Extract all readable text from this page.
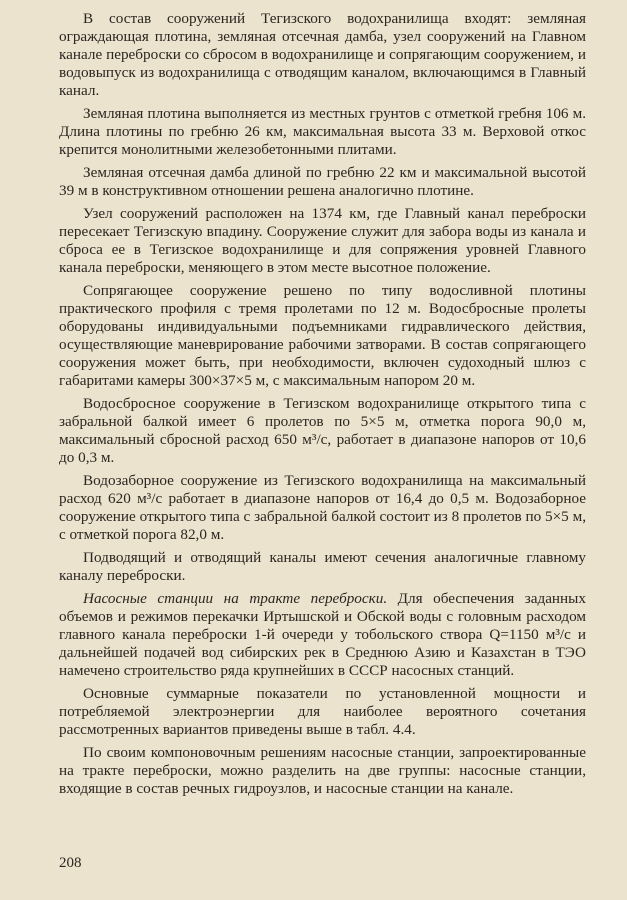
В состав сооружений Тегизского водохранилища входят: земляная ограждающая плотина, земляная отсечная дамба, узел сооружений на Главном канале переброски со сбросом в водохранилище и сопрягающим сооружением, и водовыпуск из водохранилища с отводящим каналом, включающимся в Главный канал.

Земляная плотина выполняется из местных грунтов с отметкой гребня 106 м. Длина плотины по гребню 26 км, максимальная высота 33 м. Верховой откос крепится монолитными железобетонными плитами.

Земляная отсечная дамба длиной по гребню 22 км и максимальной высотой 39 м в конструктивном отношении решена аналогично плотине.

Узел сооружений расположен на 1374 км, где Главный канал переброски пересекает Тегизскую впадину. Сооружение служит для забора воды из канала и сброса ее в Тегизское водохранилище и для сопряжения уровней Главного канала переброски, меняющего в этом месте высотное положение.

Сопрягающее сооружение решено по типу водосливной плотины практического профиля с тремя пролетами по 12 м. Водосбросные пролеты оборудованы индивидуальными подъемниками гидравлического действия, осуществляющие маневрирование рабочими затворами. В состав сопрягающего сооружения может быть, при необходимости, включен судоходный шлюз с габаритами камеры 300×37×5 м, с максимальным напором 20 м.

Водосбросное сооружение в Тегизском водохранилище открытого типа с забральной балкой имеет 6 пролетов по 5×5 м, отметка порога 90,0 м, максимальный сбросной расход 650 м³/с, работает в диапазоне напоров от 10,6 до 0,3 м.

Водозаборное сооружение из Тегизского водохранилища на максимальный расход 620 м³/с работает в диапазоне напоров от 16,4 до 0,5 м. Водозаборное сооружение открытого типа с забральной балкой состоит из 8 пролетов по 5×5 м, с отметкой порога 82,0 м.

Подводящий и отводящий каналы имеют сечения аналогичные главному каналу переброски.

Насосные станции на тракте переброски. Для обеспечения заданных объемов и режимов перекачки Иртышской и Обской воды с головным расходом главного канала переброски 1-й очереди у тобольского створа Q=1150 м³/с и дальнейшей подачей вод сибирских рек в Среднюю Азию и Казахстан в ТЭО намечено строительство ряда крупнейших в СССР насосных станций.

Основные суммарные показатели по установленной мощности и потребляемой электроэнергии для наиболее вероятного сочетания рассмотренных вариантов приведены выше в табл. 4.4.

По своим компоновочным решениям насосные станции, запроектированные на тракте переброски, можно разделить на две группы: насосные станции, входящие в состав речных гидроузлов, и насосные станции на канале.

208
